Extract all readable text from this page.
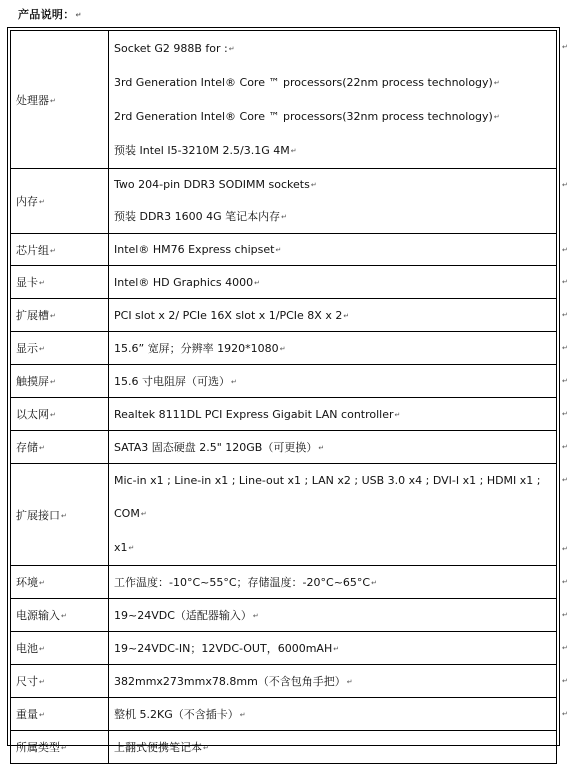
产品说明：↵
处理器↵	Socket G2 988B for :↵
3rd Generation Intel® Core ™ processors(22nm process technology)↵
2rd Generation Intel® Core ™ processors(32nm process technology)↵
预装 Intel I5-3210M 2.5/3.1G 4M↵

内存↵	Two 204-pin DDR3 SODIMM sockets↵
预装 DDR3 1600 4G 笔记本内存↵

芯片组↵	Intel® HM76 Express chipset↵

显卡↵	Intel® HD Graphics 4000↵

扩展槽↵	PCI slot x 2/ PCIe 16X slot x 1/PCIe 8X x 2↵

显示↵	15.6” 宽屏；分辨率 1920*1080↵

触摸屏↵	15.6 寸电阻屏（可选）↵

以太网↵	Realtek 8111DL PCI Express Gigabit LAN controller↵

存储↵	SATA3 固态硬盘 2.5" 120GB（可更换）↵

扩展接口↵	Mic-in x1 ; Line-in x1 ; Line-out x1 ; LAN x2 ; USB 3.0 x4 ; DVI-I x1 ; HDMI x1 ; COM↵
x1↵

环境↵	工作温度：-10°C~55°C；存储温度：-20°C~65°C↵

电源输入↵	19~24VDC（适配器输入）↵

电池↵	19~24VDC-IN；12VDC-OUT，6000mAH↵

尺寸↵	382mmx273mmx78.8mm（不含包角手把）↵

重量↵	整机 5.2KG（不含插卡）↵

所属类型↵	上翻式便携笔记本↵
↵
↵
↵
↵
↵
↵
↵
↵
↵
↵
↵
↵
↵
↵
↵
↵
